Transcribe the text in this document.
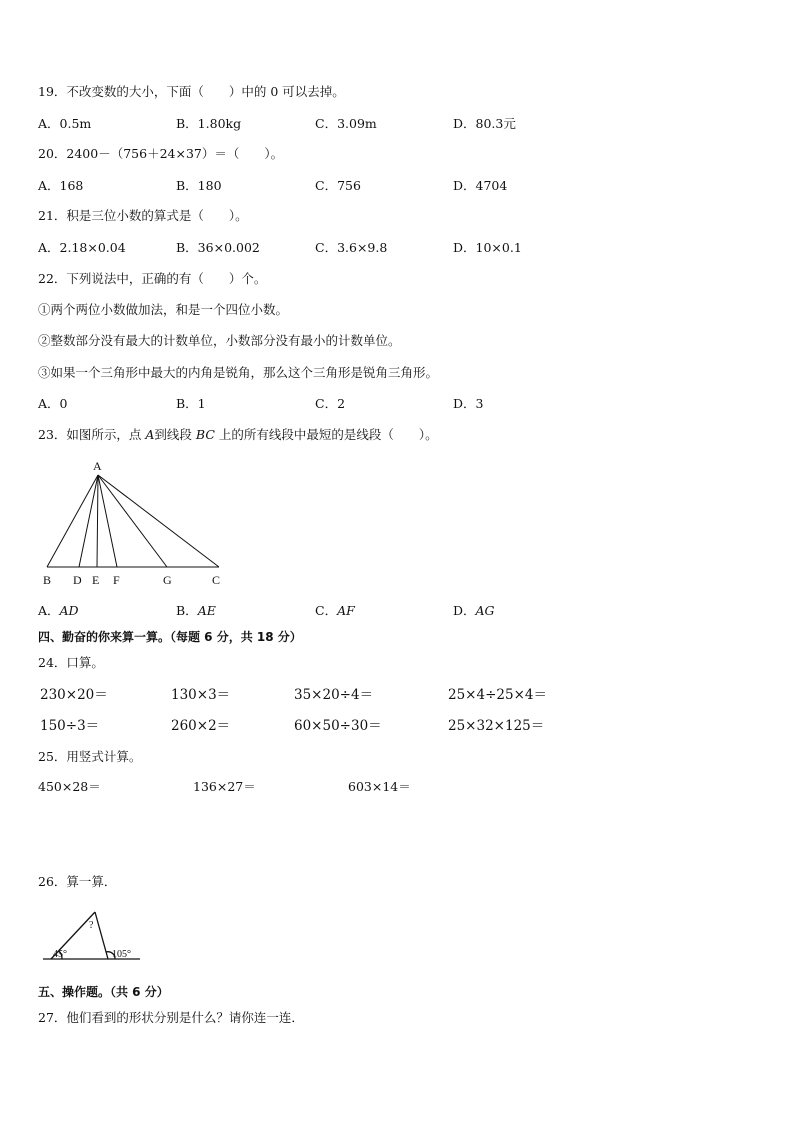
19．不改变数的大小，下面（　　）中的 0 可以去掉。
A．0.5m	B．1.80kg	C．3.09m	D．80.3元
20．2400－（756＋24×37）＝（　　）。
A．168	B．180	C．756	D．4704
21．积是三位小数的算式是（　　）。
A．2.18×0.04	B．36×0.002	C．3.6×9.8	D．10×0.1
22．下列说法中，正确的有（　　）个。
①两个两位小数做加法，和是一个四位小数。
②整数部分没有最大的计数单位，小数部分没有最小的计数单位。
③如果一个三角形中最大的内角是锐角，那么这个三角形是锐角三角形。
A．0	B．1	C．2	D．3
23．如图所示，点 A到线段 BC 上的所有线段中最短的是线段（　　）。
A
B D E F	G	C
A．AD	B．AE	C．AF	D．AG
四、勤奋的你来算一算。（每题 6 分，共 18 分）
24．口算。
230×20＝	130×3＝	35×20÷4＝	25×4÷25×4＝
150÷3＝	260×2＝	60×50÷30＝	25×32×125＝
25．用竖式计算。
450×28＝	136×27＝	603×14＝
26．算一算．
45°
?
105°
五、操作题。（共 6 分）
27．他们看到的形状分别是什么？请你连一连．
